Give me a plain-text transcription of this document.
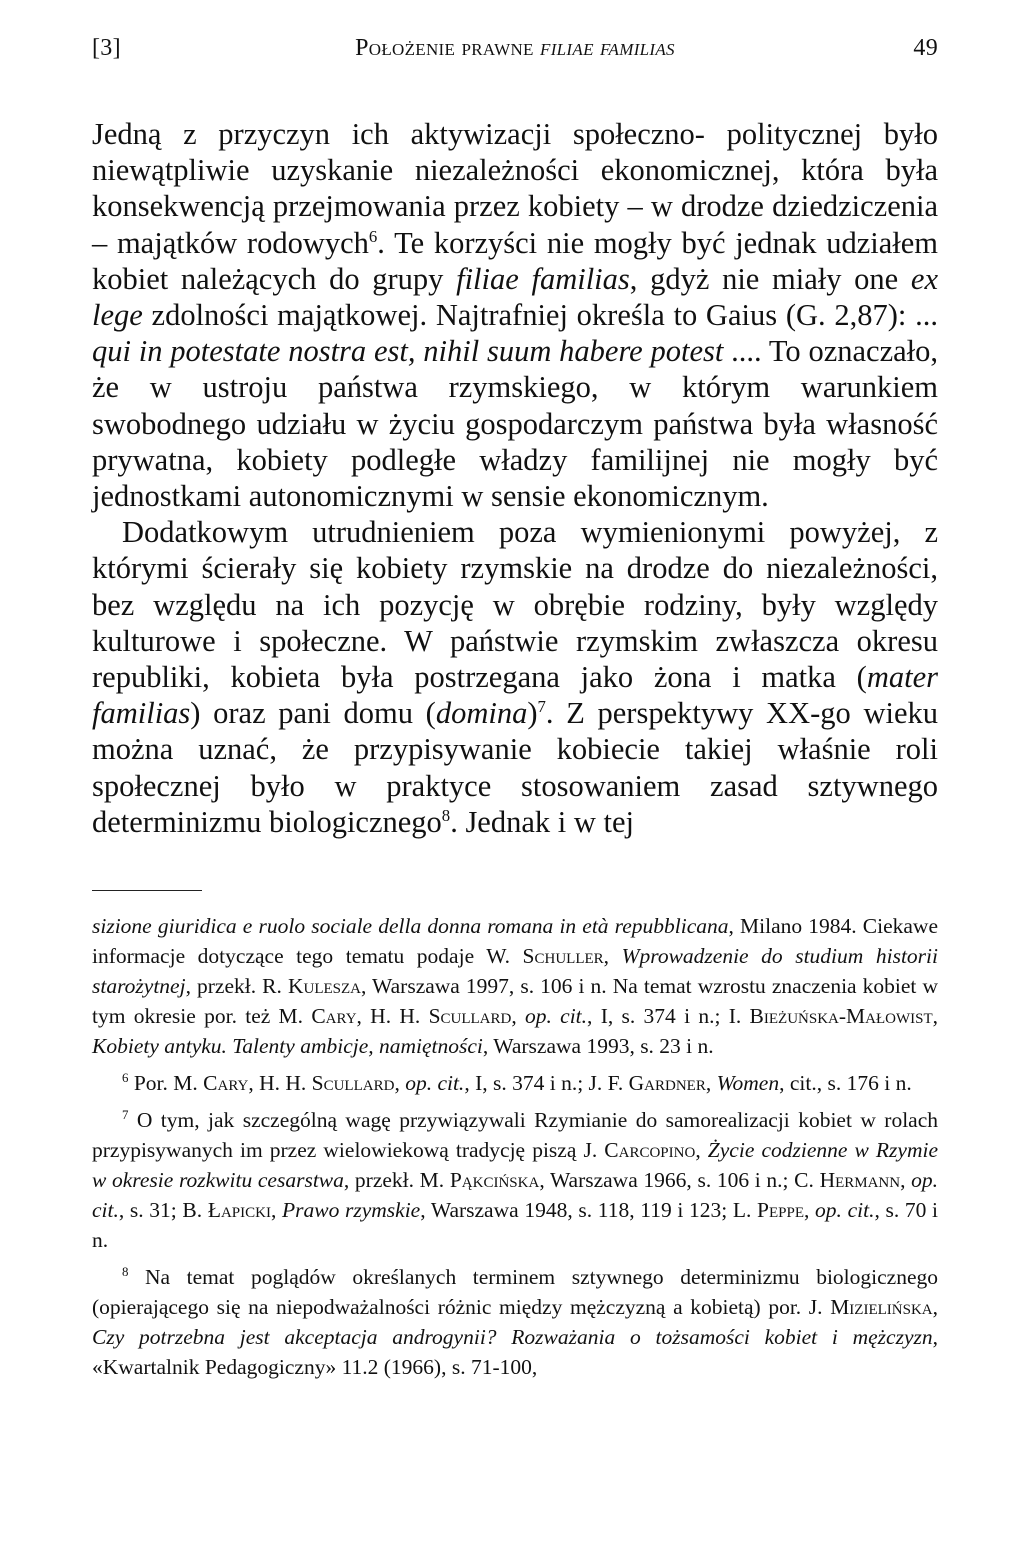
[3]	Położenie prawne filiae familias	49

Jedną z przyczyn ich aktywizacji społeczno- politycznej było niewątpliwie uzyskanie niezależności ekonomicznej, która była konsekwencją przejmowania przez kobiety – w drodze dziedziczenia – majątków rodowych$^6$. Te korzyści nie mogły być jednak udziałem kobiet należących do grupy filiae familias, gdyż nie miały one ex lege zdolności majątkowej. Najtrafniej określa to Gaius (G. 2,87): ... qui in potestate nostra est, nihil suum habere potest .... To oznaczało, że w ustroju państwa rzymskiego, w którym warunkiem swobodnego udziału w życiu gospodarczym państwa była własność prywatna, kobiety podległe władzy familijnej nie mogły być jednostkami autonomicznymi w sensie ekonomicznym.

Dodatkowym utrudnieniem poza wymienionymi powyżej, z którymi ścierały się kobiety rzymskie na drodze do niezależności, bez względu na ich pozycję w obrębie rodziny, były względy kulturowe i społeczne. W państwie rzymskim zwłaszcza okresu republiki, kobieta była postrzegana jako żona i matka (mater familias) oraz pani domu $(domina)^7$. Z perspektywy XX-go wieku można uznać, że przypisywanie kobiecie takiej właśnie roli społecznej było w praktyce stosowaniem zasad sztywnego determinizmu biologicznego$^8$. Jednak i w tej

sizione giuridica e ruolo sociale della donna romana in età repubblicana, Milano 1984. Ciekawe informacje dotyczące tego tematu podaje W. Schuller, Wprowadzenie do studium historii starożytnej, przekł. R. Kulesza, Warszawa 1997, s. 106 i n. Na temat wzrostu znaczenia kobiet w tym okresie por. też M. Cary, H. H. Scullard, op. cit., I, s. 374 i n.; I. Bieżuńska-Małowist, Kobiety antyku. Talenty ambicje, namiętności, Warszawa 1993, s. 23 i n.

$^6$ Por. M. Cary, H. H. Scullard, op. cit., I, s. 374 i n.; J. F. Gardner, Women, cit., s. 176 i n.

$^7$ O tym, jak szczególną wagę przywiązywali Rzymianie do samorealizacji kobiet w rolach przypisywanych im przez wielowiekową tradycję piszą J. Carcopino, Życie codzienne w Rzymie w okresie rozkwitu cesarstwa, przekł. M. Pąkcińska, Warszawa 1966, s. 106 i n.; C. Hermann, op. cit., s. 31; B. Łapicki, Prawo rzymskie, Warszawa 1948, s. 118, 119 i 123; L. Peppe, op. cit., s. 70 i n.

$^8$ Na temat poglądów określanych terminem sztywnego determinizmu biologicznego (opierającego się na niepodważalności różnic między mężczyzną a kobietą) por. J. Mizielińska, Czy potrzebna jest akceptacja androgynii? Rozważania o tożsamości kobiet i mężczyzn, «Kwartalnik Pedagogiczny» 11.2 (1966), s. 71-100,
